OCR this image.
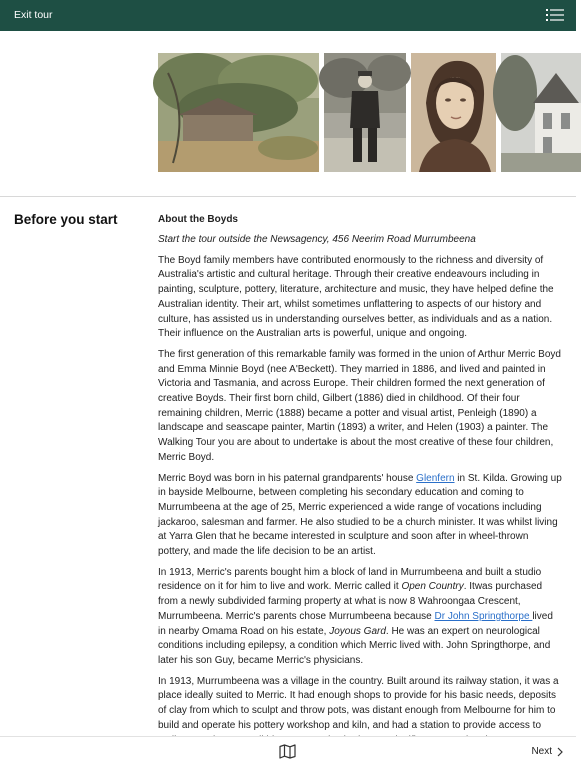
Exit tour
Before you start	About the Boyds

Start the tour outside the Newsagency, 456 Neerim Road Murrumbeena

The Boyd family members have contributed enormously to the richness and diversity of Australia's artistic and cultural heritage. Through their creative endeavours including in painting, sculpture, pottery, literature, architecture and music, they have helped define the Australian identity. Their art, whilst sometimes unflattering to aspects of our history and culture, has assisted us in understanding ourselves better, as individuals and as a nation. Their influence on the Australian arts is powerful, unique and ongoing.

The first generation of this remarkable family was formed in the union of Arthur Merric Boyd and Emma Minnie Boyd (nee A'Beckett). They married in 1886, and lived and painted in Victoria and Tasmania, and across Europe. Their children formed the next generation of creative Boyds. Their first born child, Gilbert (1886) died in childhood. Of their four remaining children, Merric (1888) became a potter and visual artist, Penleigh (1890) a landscape and seascape painter, Martin (1893) a writer, and Helen (1903) a painter. The Walking Tour you are about to undertake is about the most creative of these four children, Merric Boyd.

Merric Boyd was born in his paternal grandparents' house Glenfern in St. Kilda. Growing up in bayside Melbourne, between completing his secondary education and coming to Murrumbeena at the age of 25, Merric experienced a wide range of vocations including jackaroo, salesman and farmer. He also studied to be a church minister. It was whilst living at Yarra Glen that he became interested in sculpture and soon after in wheel-thrown pottery, and made the life decision to be an artist.

In 1913, Merric's parents bought him a block of land in Murrumbeena and built a studio residence on it for him to live and work. Merric called it Open Country. Itwas purchased from a newly subdivided farming property at what is now 8 Wahroongaa Crescent, Murrumbeena. Merric's parents chose Murrumbeena because Dr John Springthorpe lived in nearby Omama Road on his estate, Joyous Gard. He was an expert on neurological conditions including epilepsy, a condition which Merric lived with. John Springthorpe, and later his son Guy, became Merric's physicians.

In 1913, Murrumbeena was a village in the country. Built around its railway station, it was a place ideally suited to Merric. It had enough shops to provide for his basic needs, deposits of clay from which to sculpt and throw pots, was distant enough from Melbourne for him to build and operate his pottery workshop and kiln, and had a station to provide access to

Next
